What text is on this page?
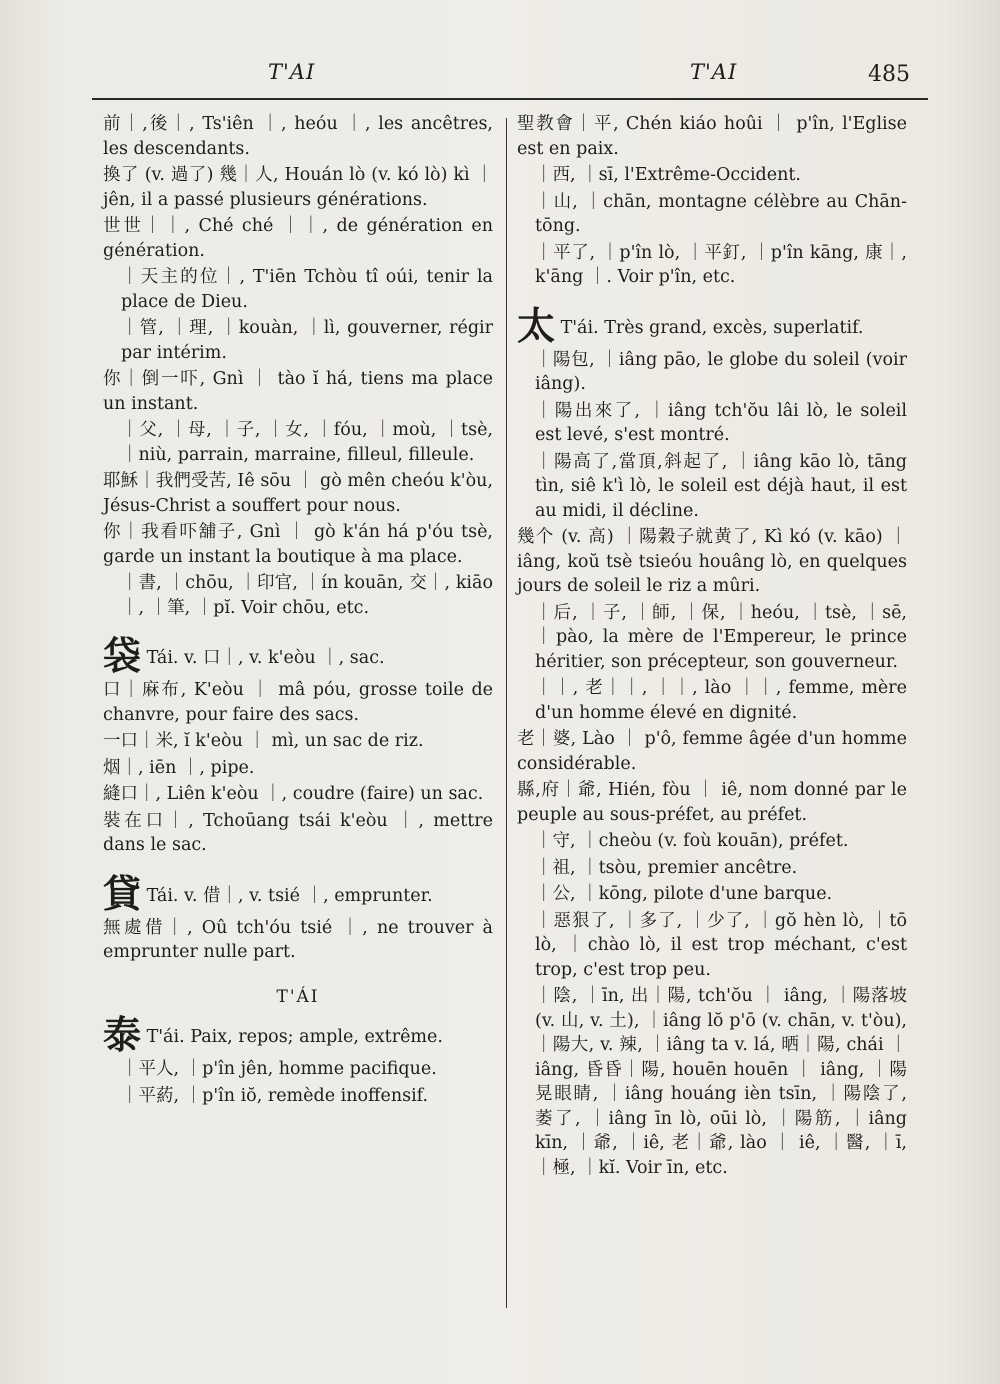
T'AI	T'AI	485

前｜,後｜, Ts'iên ｜, heóu ｜, les ancêtres, les descendants.

換了 (v. 過了) 幾｜人, Houán lò (v. kó lò) kì ｜ jên, il a passé plusieurs générations.

世世｜｜, Ché ché ｜｜, de génération en génération.

｜天主的位｜, T'iēn Tchòu tî oúi, tenir la place de Dieu.

｜管, ｜理, ｜kouàn, ｜lì, gouverner, régir par intérim.

你｜倒一吓, Gnì ｜ tào ĭ há, tiens ma place un instant.

｜父, ｜母, ｜子, ｜女, ｜fóu, ｜moù, ｜tsè, ｜niù, parrain, marraine, filleul, filleule.

耶穌｜我們受苦, Iê sōu ｜ gò mên cheóu k'òu, Jésus-Christ a souffert pour nous.

你｜我看吓舖子, Gnì ｜ gò k'án há p'óu tsè, garde un instant la boutique à ma place.

｜書, ｜chōu, ｜印官, ｜ín kouān, 交｜, kiāo ｜, ｜筆, ｜pĭ. Voir chōu, etc.

袋 Tái. v. 口｜, v. k'eòu ｜, sac.

口｜麻布, K'eòu ｜ mâ póu, grosse toile de chanvre, pour faire des sacs.

一口｜米, ĭ k'eòu ｜ mì, un sac de riz.

烟｜, iēn ｜, pipe.

縫口｜, Liên k'eòu ｜, coudre (faire) un sac.

裝在口｜, Tchoūang tsái k'eòu ｜, mettre dans le sac.

貸 Tái. v. 借｜, v. tsié ｜, emprunter.

無處借｜, Oû tch'óu tsié ｜, ne trouver à emprunter nulle part.

T'ÁI

泰 T'ái. Paix, repos; ample, extrême.

｜平人, ｜p'în jên, homme pacifique.

｜平葯, ｜p'în iŏ, remède inoffensif.

聖教會｜平, Chén kiáo hoûi ｜ p'în, l'Eglise est en paix.

｜西, ｜sī, l'Extrême-Occident.

｜山, ｜chān, montagne célèbre au Chān-tōng.

｜平了, ｜p'în lò, ｜平釘, ｜p'în kāng, 康｜, k'āng ｜. Voir p'în, etc.

太 T'ái. Très grand, excès, superlatif.

｜陽包, ｜iâng pāo, le globe du soleil (voir iâng).

｜陽出來了, ｜iâng tch'ŏu lâi lò, le soleil est levé, s'est montré.

｜陽高了,當頂,斜起了, ｜iâng kāo lò, tāng tìn, siê k'ì lò, le soleil est déjà haut, il est au midi, il décline.

幾个 (v. 高) ｜陽穀子就黄了, Kì kó (v. kāo) ｜ iâng, koŭ tsè tsieóu houâng lò, en quelques jours de soleil le riz a mûri.

｜后, ｜子, ｜師, ｜保, ｜heóu, ｜tsè, ｜sē, ｜pào, la mère de l'Empereur, le prince héritier, son précepteur, son gouverneur.

｜｜, 老｜｜, ｜｜, lào ｜｜, femme, mère d'un homme élevé en dignité.

老｜婆, Lào ｜ p'ô, femme âgée d'un homme considérable.

縣,府｜爺, Hién, fòu ｜ iê, nom donné par le peuple au sous-préfet, au préfet.

｜守, ｜cheòu (v. foù kouān), préfet.

｜祖, ｜tsòu, premier ancêtre.

｜公, ｜kōng, pilote d'une barque.

｜惡狠了, ｜多了, ｜少了, ｜gŏ hèn lò, ｜tō lò, ｜chào lò, il est trop méchant, c'est trop, c'est trop peu.

｜陰, ｜īn, 出｜陽, tch'ŏu ｜ iâng, ｜陽落坡 (v. 山, v. 土), ｜iâng lŏ p'ō (v. chān, v. t'òu), ｜陽大, v. 辣, ｜iâng ta v. lá, 晒｜陽, chái ｜ iâng, 昏昏｜陽, houēn houēn ｜ iâng, ｜陽晃眼睛, ｜iâng houáng ièn tsīn, ｜陽陰了, 萎了, ｜iâng īn lò, oūi lò, ｜陽筋, ｜iâng kīn, ｜爺, ｜iê, 老｜爺, lào ｜ iê, ｜醫, ｜ī, ｜極, ｜kĭ. Voir īn, etc.
